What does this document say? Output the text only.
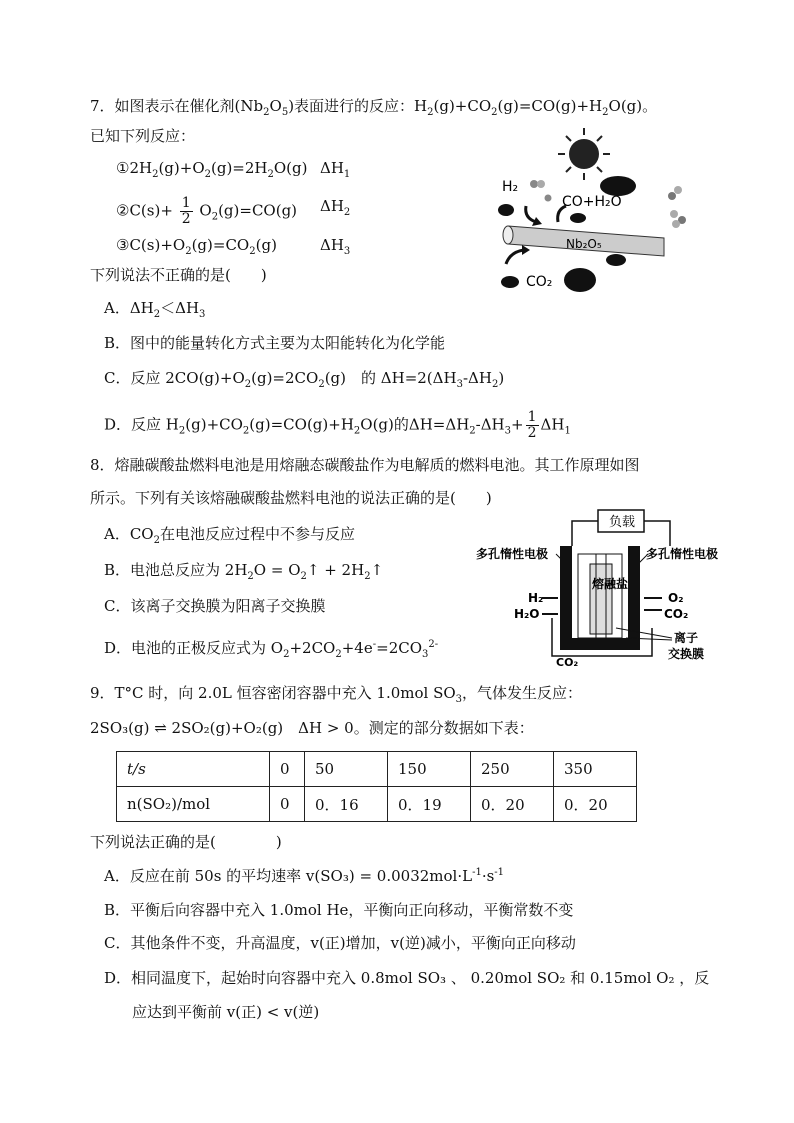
7．如图表示在催化剂$(Nb_2O_5)$表面进行的反应：$H_2(g)+CO_2(g)=CO(g)+H_2O(g)$。
已知下列反应：
$①2H_2(g)+O_2(g)=2H_2O(g)$ $\Delta H_1$
②C(s)+ $\frac{1}{2} O_2(g)=CO(g)$ $\Delta H_2$
$③C(s)+O_2(g)=CO_2(g)$	$\Delta H_3$
下列说法不正确的是(　　)
A．$\Delta H_2<\Delta H_3$
B．图中的能量转化方式主要为太阳能转化为化学能
C．反应 $2CO(g)+O_2(g)=2CO_2(g)$　的 $\Delta H=2(\Delta H_3-\Delta H_2)$
D．反应 $H_2(g)+CO_2(g)=CO(g)+H_2O(g)$的$\Delta H=\Delta H_2-\Delta H_3+ \frac{1}{2} \Delta H_1$
H₂
CO+H₂O
Nb₂O₅
CO₂
8．熔融碳酸盐燃料电池是用熔融态碳酸盐作为电解质的燃料电池。其工作原理如图
所示。下列有关该熔融碳酸盐燃料电池的说法正确的是(　　)
A．$CO_2$在电池反应过程中不参与反应
B．电池总反应为 $2H_2O$ = $O_2↑$ + $2H_2↑$
C．该离子交换膜为阳离子交换膜
D．电池的正极反应式为 $O_2+2CO_2+4e^-=2CO_3^{2-}$
负载
多孔惰性电极	多孔惰性电极
熔融盐
H₂
H₂O
O₂
CO₂
CO₂
离子
交换膜
9．T°C 时，向 2.0L 恒容密闭容器中充入 1.0mol $SO_3$，气体发生反应：
2SO₃(g) ⇌ 2SO₂(g)+O₂(g)　ΔH > 0。测定的部分数据如下表：
t/s	0	50	150	250	350
n(SO₂)/mol	0	0．16	0．19	0．20	0．20
下列说法正确的是(　　　　)
A．反应在前 50s 的平均速率 $v(SO_3) = 0.0032mol\cdot L^{-1}\cdot s^{-1}$
B．平衡后向容器中充入 1.0mol He，平衡向正向移动，平衡常数不变
C．其他条件不变，升高温度，v(正)增加，v(逆)减小，平衡向正向移动
D．相同温度下，起始时向容器中充入 0.8mol SO₃ 、 0.20mol SO₂ 和 0.15mol O₂ ，反
应达到平衡前 v(正) < v(逆)
